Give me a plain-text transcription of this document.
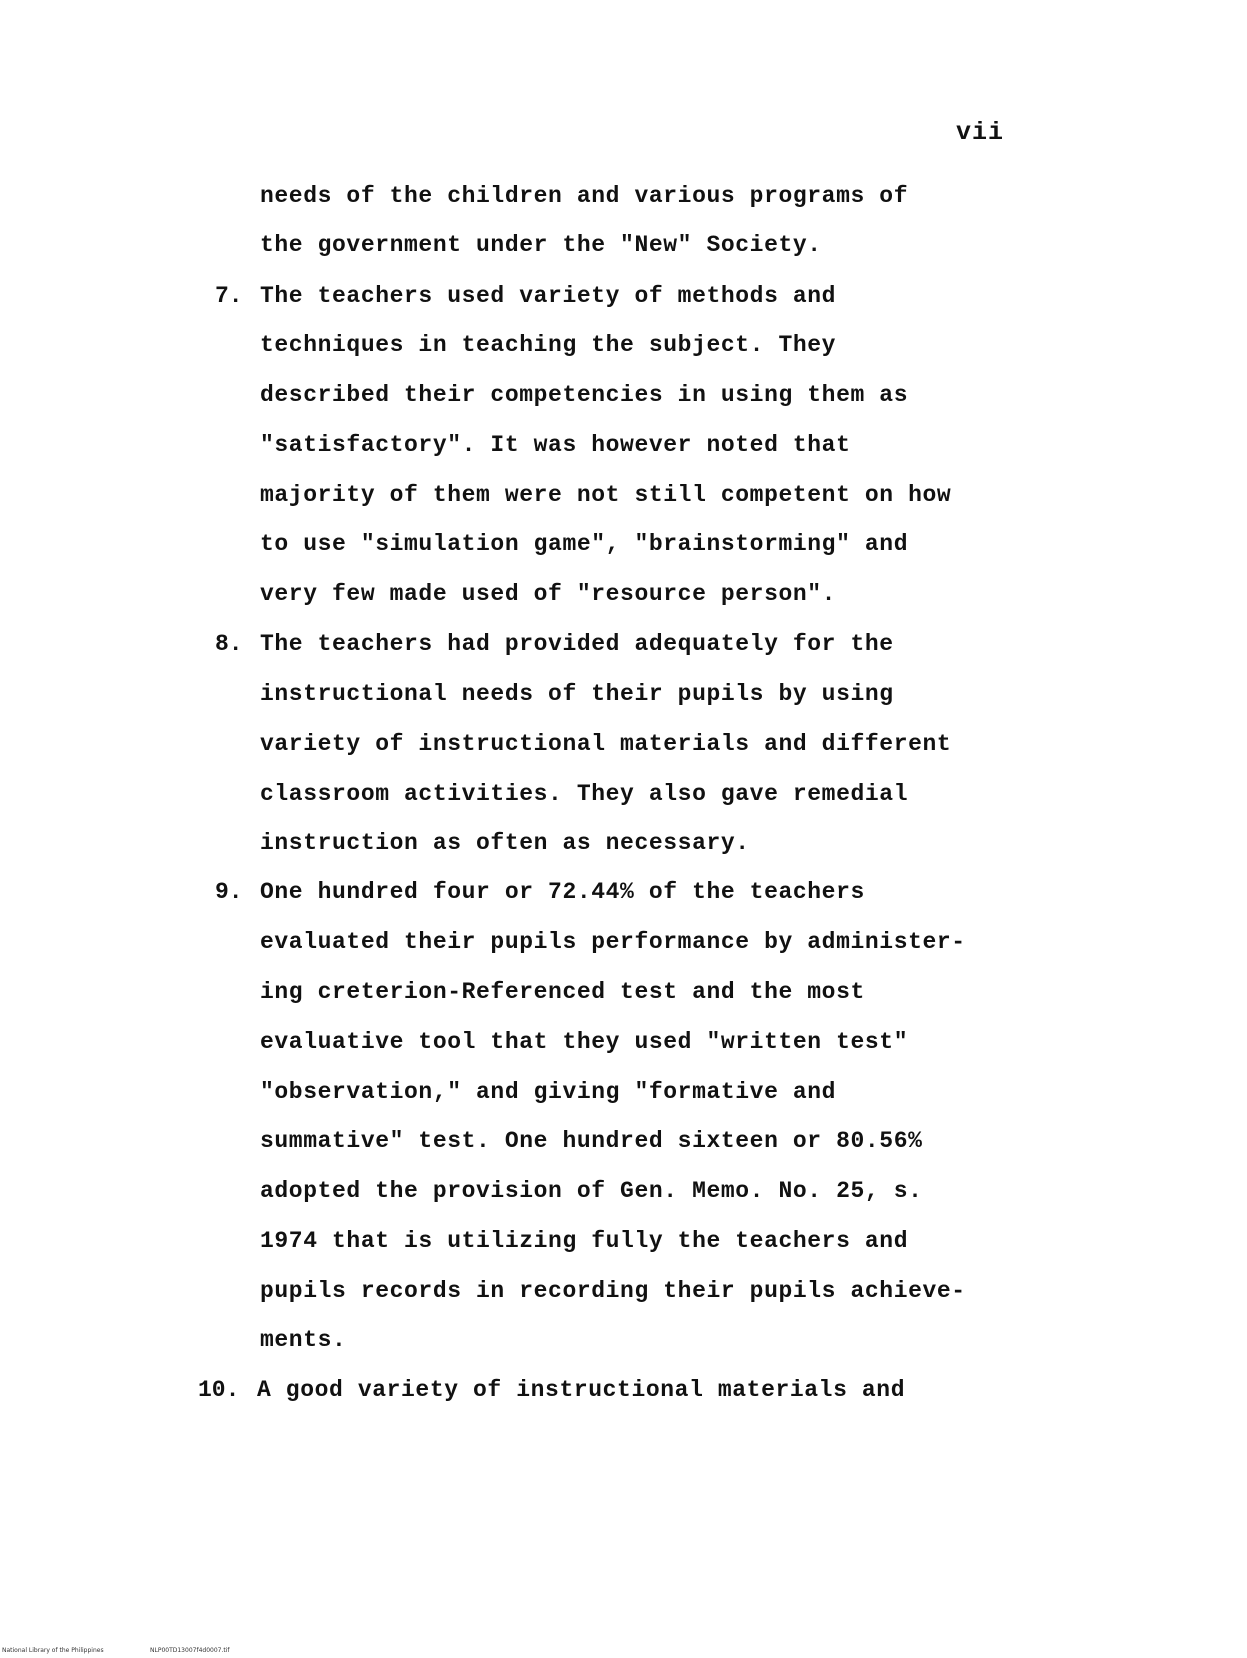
vii
needs of the children and various programs of
the government under the "New" Society.
7. The teachers used variety of methods and
techniques in teaching the subject. They
described their competencies in using them as
"satisfactory". It was however noted that
majority of them were not still competent on how
to use "simulation game", "brainstorming" and
very few made used of "resource person".
8. The teachers had provided adequately for the
instructional needs of their pupils by using
variety of instructional materials and different
classroom activities. They also gave remedial
instruction as often as necessary.
9. One hundred four or 72.44% of the teachers
evaluated their pupils performance by administer-
ing creterion-Referenced test and the most
evaluative tool that they used "written test"
"observation," and giving "formative and
summative" test. One hundred sixteen or 80.56%
adopted the provision of Gen. Memo. No. 25, s.
1974 that is utilizing fully the teachers and
pupils records in recording their pupils achieve-
ments.
10. A good variety of instructional materials and
National Library of the Philippines	NLP00TD13007f4d0007.tif
